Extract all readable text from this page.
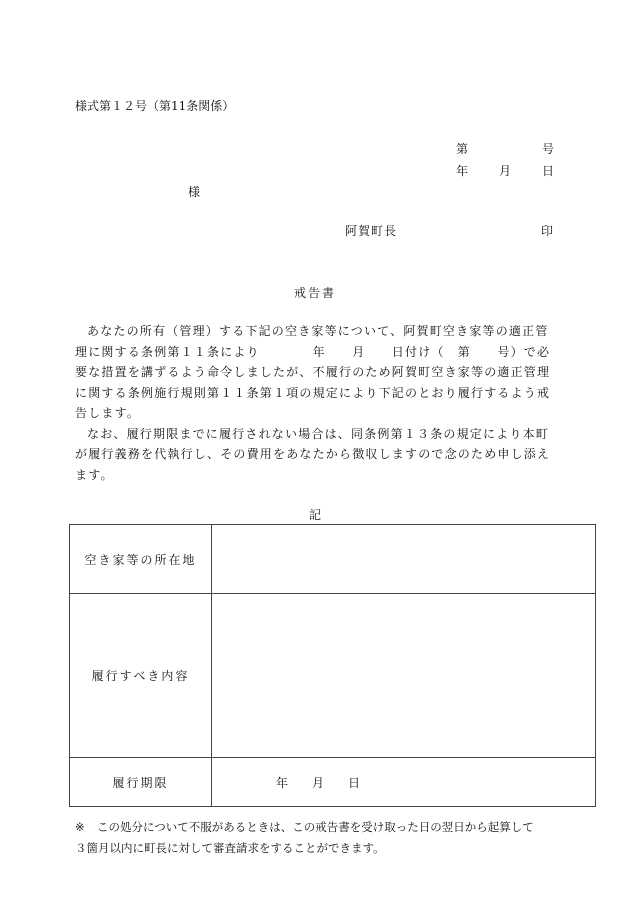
様式第１２号（第11条関係）
第	号
年	月	日
様
阿賀町長	印
戒告書

あなたの所有（管理）する下記の空き家等について、阿賀町空き家等の適正管理に関する条例第１１条により　　　　年　　月　　日付け（　第　　号）で必要な措置を講ずるよう命令しましたが、不履行のため阿賀町空き家等の適正管理に関する条例施行規則第１１条第１項の規定により下記のとおり履行するよう戒告します。

なお、履行期限までに履行されない場合は、同条例第１３条の規定により本町が履行義務を代執行し、その費用をあなたから徴収しますので念のため申し添えます。

記
空き家等の所在地	
履行すべき内容	
履行期限	年　　月　　日
※ この処分について不服があるときは、この戒告書を受け取った日の翌日から起算して
３箇月以内に町長に対して審査請求をすることができます。
